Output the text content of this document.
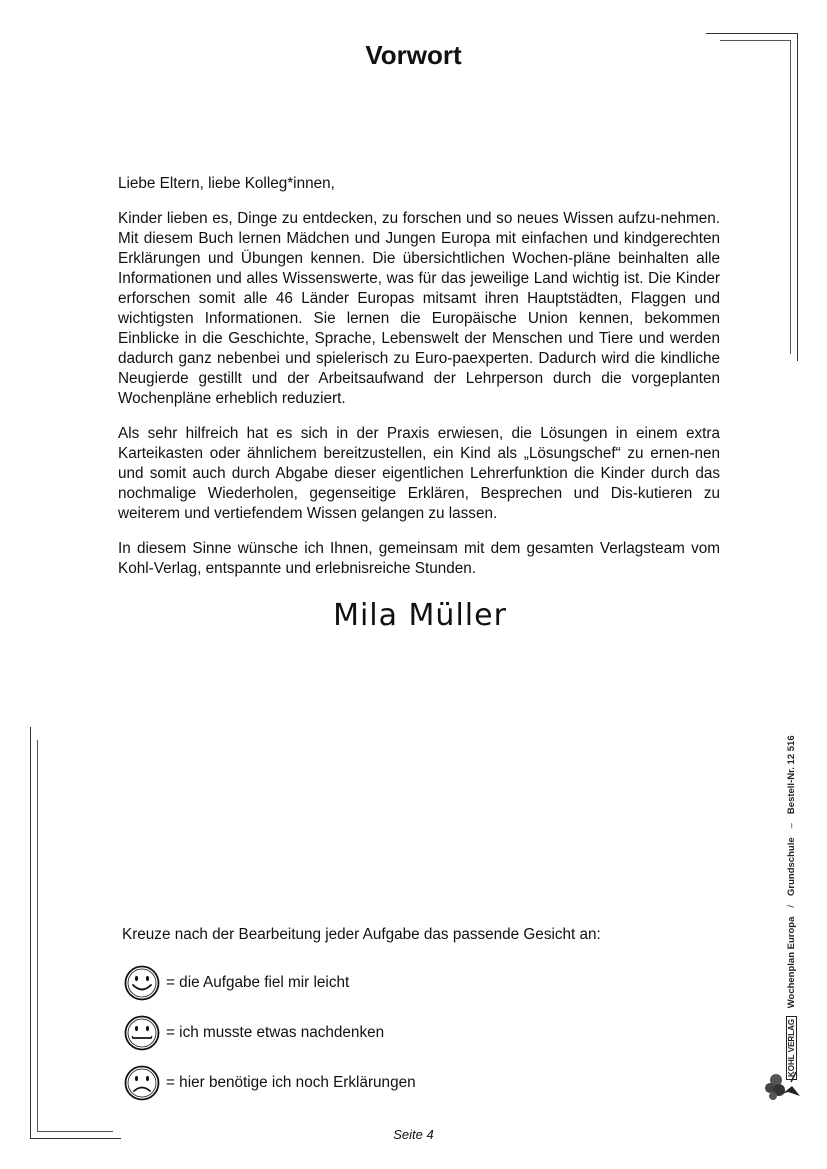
Vorwort

Liebe Eltern, liebe Kolleg*innen,

Kinder lieben es, Dinge zu entdecken, zu forschen und so neues Wissen aufzu-nehmen. Mit diesem Buch lernen Mädchen und Jungen Europa mit einfachen und kindgerechten Erklärungen und Übungen kennen. Die übersichtlichen Wochen-pläne beinhalten alle Informationen und alles Wissenswerte, was für das jeweilige Land wichtig ist. Die Kinder erforschen somit alle 46 Länder Europas mitsamt ihren Hauptstädten, Flaggen und wichtigsten Informationen. Sie lernen die Europäische Union kennen, bekommen Einblicke in die Geschichte, Sprache, Lebenswelt der Menschen und Tiere und werden dadurch ganz nebenbei und spielerisch zu Euro-paexperten. Dadurch wird die kindliche Neugierde gestillt und der Arbeitsaufwand der Lehrperson durch die vorgeplanten Wochenpläne erheblich reduziert.

Als sehr hilfreich hat es sich in der Praxis erwiesen, die Lösungen in einem extra Karteikasten oder ähnlichem bereitzustellen, ein Kind als „Lösungschef“ zu ernen-nen und somit auch durch Abgabe dieser eigentlichen Lehrerfunktion die Kinder durch das nochmalige Wiederholen, gegenseitige Erklären, Besprechen und Dis-kutieren zu weiterem und vertiefendem Wissen gelangen zu lassen.

In diesem Sinne wünsche ich Ihnen, gemeinsam mit dem gesamten Verlagsteam vom Kohl-Verlag, entspannte und erlebnisreiche Stunden.

Mila Müller
Kreuze nach der Bearbeitung jeder Aufgabe das passende Gesicht an:
= die Aufgabe fiel mir leicht
= ich musste etwas nachdenken
= hier benötige ich noch Erklärungen
KOHL VERLAG Wochenplan Europa/Grundschule–Bestell-Nr. 12 516
Seite 4
